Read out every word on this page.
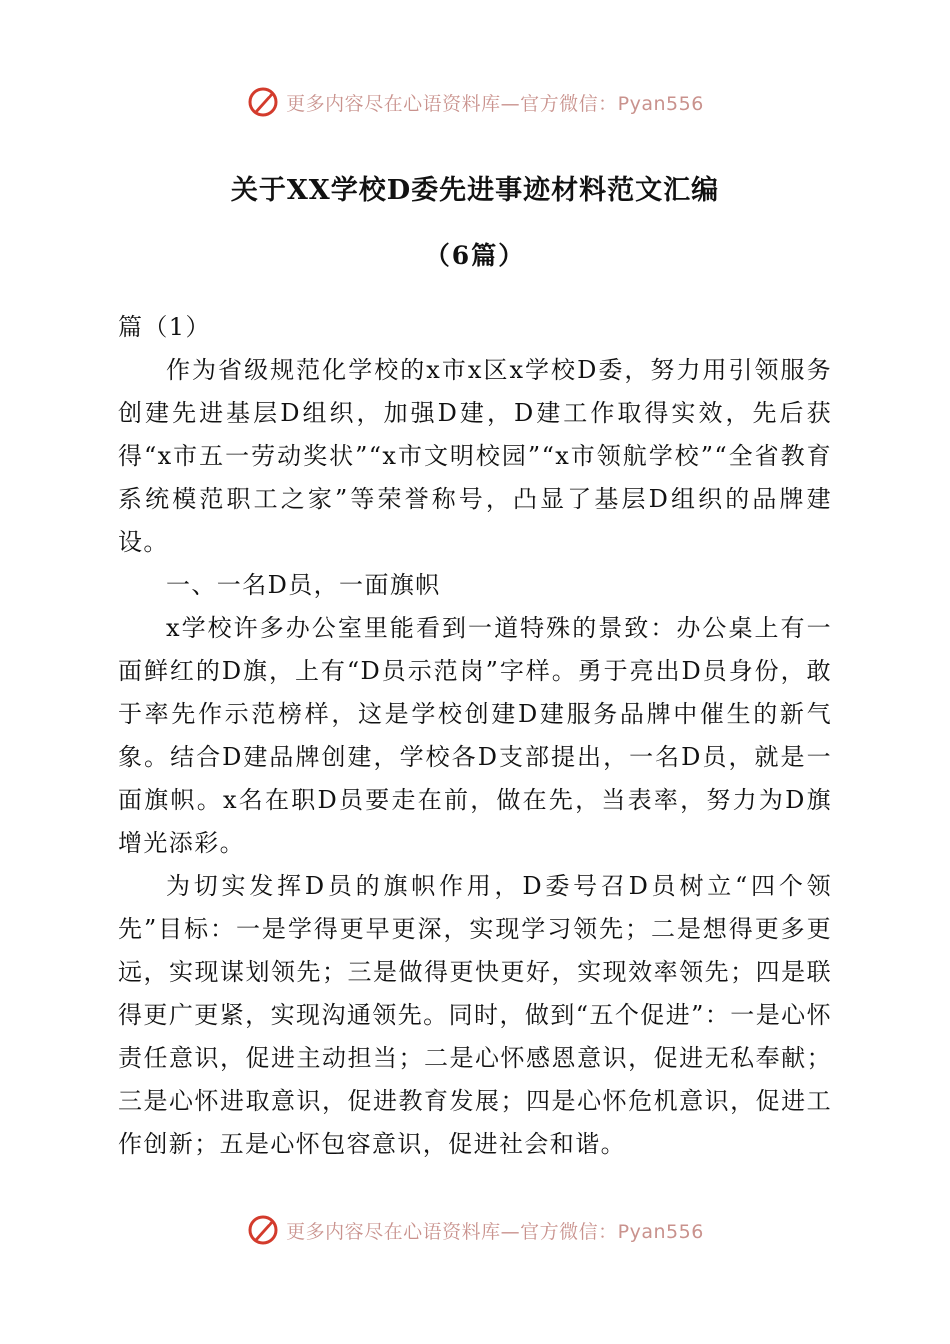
更多内容尽在心语资料库—官方微信：Pyan556
关于XX学校D委先进事迹材料范文汇编
（6篇）

篇（1）

作为省级规范化学校的x市x区x学校D委，努力用引领服务创建先进基层D组织，加强D建，D建工作取得实效，先后获得“x市五一劳动奖状”“x市文明校园”“x市领航学校”“全省教育系统模范职工之家”等荣誉称号，凸显了基层D组织的品牌建设。

一、一名D员，一面旗帜

x学校许多办公室里能看到一道特殊的景致：办公桌上有一面鲜红的D旗，上有“D员示范岗”字样。勇于亮出D员身份，敢于率先作示范榜样，这是学校创建D建服务品牌中催生的新气象。结合D建品牌创建，学校各D支部提出，一名D员，就是一面旗帜。x名在职D员要走在前，做在先，当表率，努力为D旗增光添彩。

为切实发挥D员的旗帜作用，D委号召D员树立“四个领先”目标：一是学得更早更深，实现学习领先；二是想得更多更远，实现谋划领先；三是做得更快更好，实现效率领先；四是联得更广更紧，实现沟通领先。同时，做到“五个促进”：一是心怀责任意识，促进主动担当；二是心怀感恩意识，促进无私奉献；三是心怀进取意识，促进教育发展；四是心怀危机意识，促进工作创新；五是心怀包容意识，促进社会和谐。

更多内容尽在心语资料库—官方微信：Pyan556
